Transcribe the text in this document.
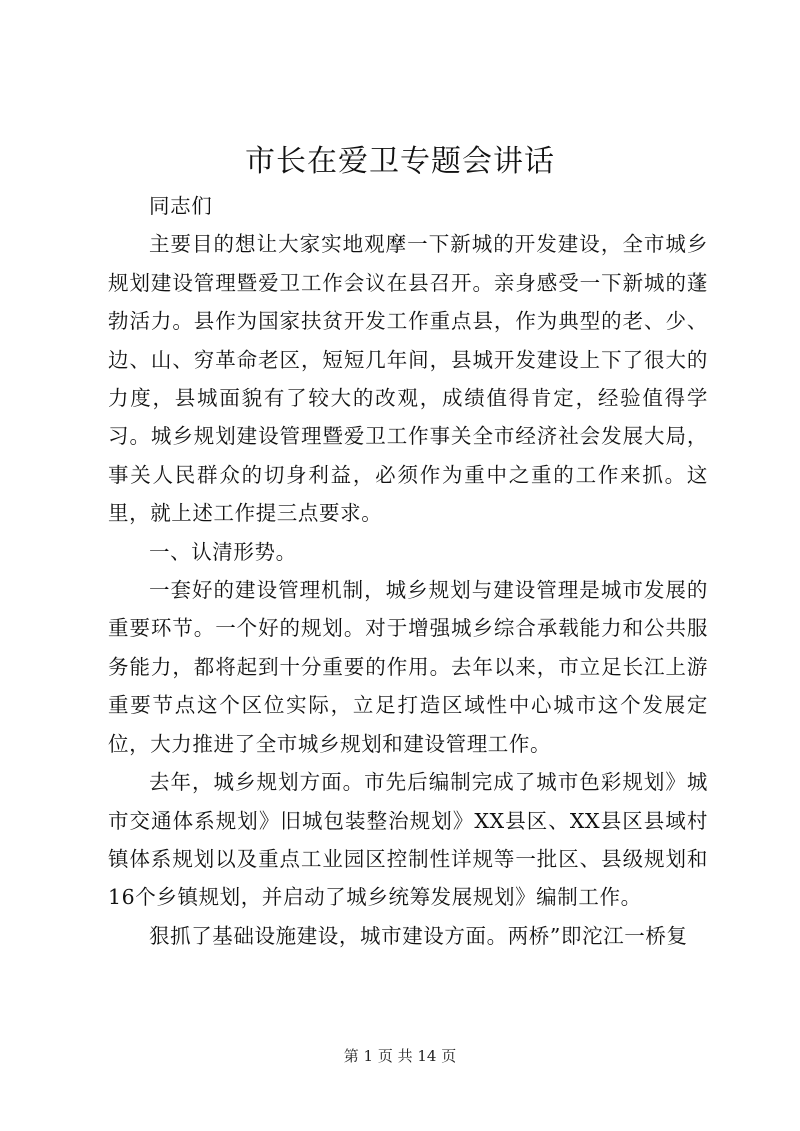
市长在爱卫专题会讲话

同志们

主要目的想让大家实地观摩一下新城的开发建设，全市城乡规划建设管理暨爱卫工作会议在县召开。亲身感受一下新城的蓬勃活力。县作为国家扶贫开发工作重点县，作为典型的老、少、边、山、穷革命老区，短短几年间，县城开发建设上下了很大的力度，县城面貌有了较大的改观，成绩值得肯定，经验值得学习。城乡规划建设管理暨爱卫工作事关全市经济社会发展大局，事关人民群众的切身利益，必须作为重中之重的工作来抓。这里，就上述工作提三点要求。

一、认清形势。

一套好的建设管理机制，城乡规划与建设管理是城市发展的重要环节。一个好的规划。对于增强城乡综合承载能力和公共服务能力，都将起到十分重要的作用。去年以来，市立足长江上游重要节点这个区位实际，立足打造区域性中心城市这个发展定位，大力推进了全市城乡规划和建设管理工作。

去年，城乡规划方面。市先后编制完成了城市色彩规划》城市交通体系规划》旧城包装整治规划》XX县区、XX县区县域村镇体系规划以及重点工业园区控制性详规等一批区、县级规划和16个乡镇规划，并启动了城乡统筹发展规划》编制工作。

狠抓了基础设施建设，城市建设方面。两桥”即沱江一桥复

第 1 页 共 14 页
